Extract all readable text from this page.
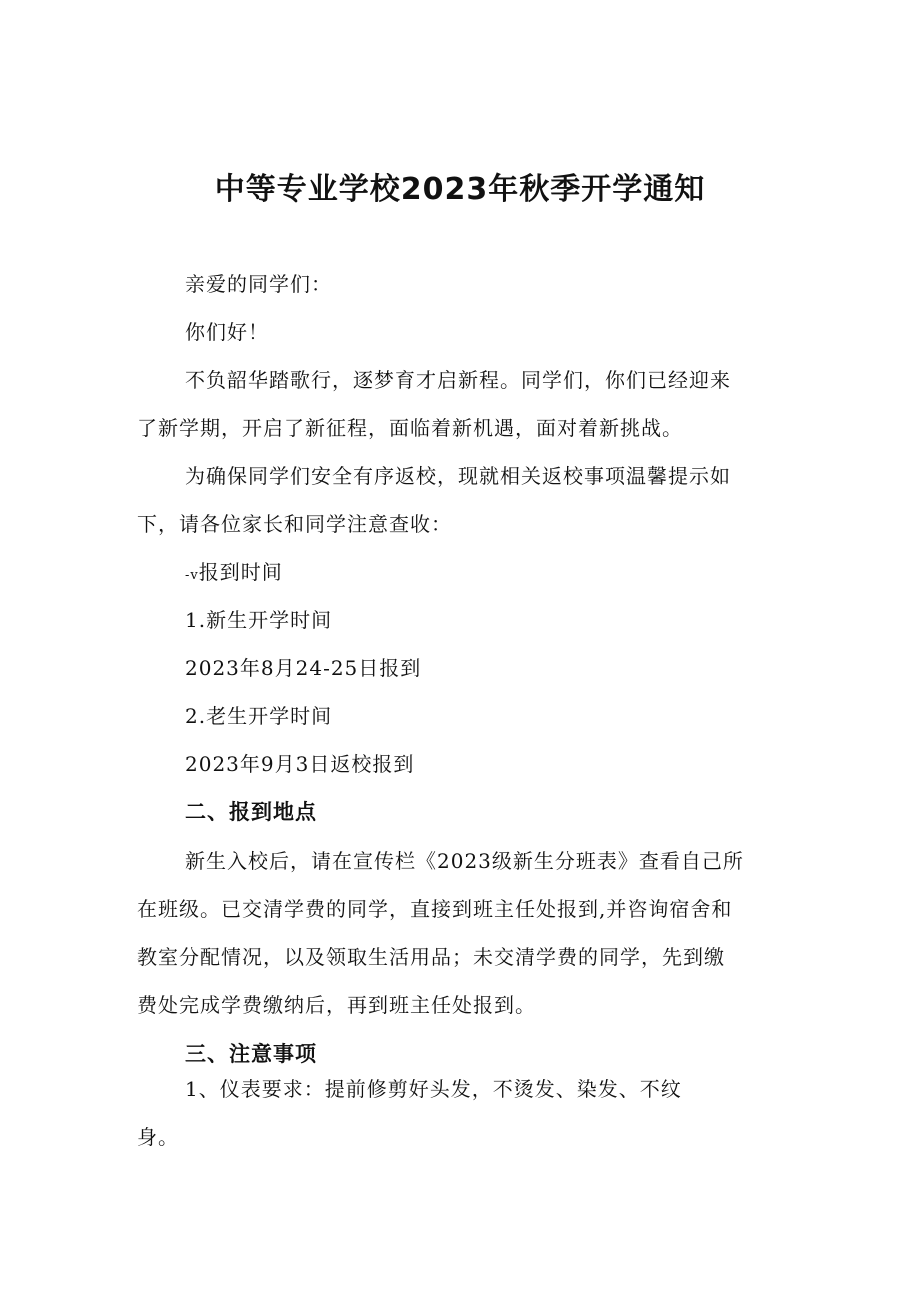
中等专业学校2023年秋季开学通知
亲爱的同学们：
你们好！
不负韶华踏歌行，逐梦育才启新程。同学们，你们已经迎来
了新学期，开启了新征程，面临着新机遇，面对着新挑战。
为确保同学们安全有序返校，现就相关返校事项温馨提示如
下，请各位家长和同学注意查收：
-v报到时间
1.新生开学时间
2023年8月24-25日报到
2.老生开学时间
2023年9月3日返校报到
二、报到地点
新生入校后，请在宣传栏《2023级新生分班表》查看自己所
在班级。已交清学费的同学，直接到班主任处报到,并咨询宿舍和
教室分配情况，以及领取生活用品；未交清学费的同学，先到缴
费处完成学费缴纳后，再到班主任处报到。
三、注意事项
1、仪表要求：提前修剪好头发，不烫发、染发、不纹
身。
